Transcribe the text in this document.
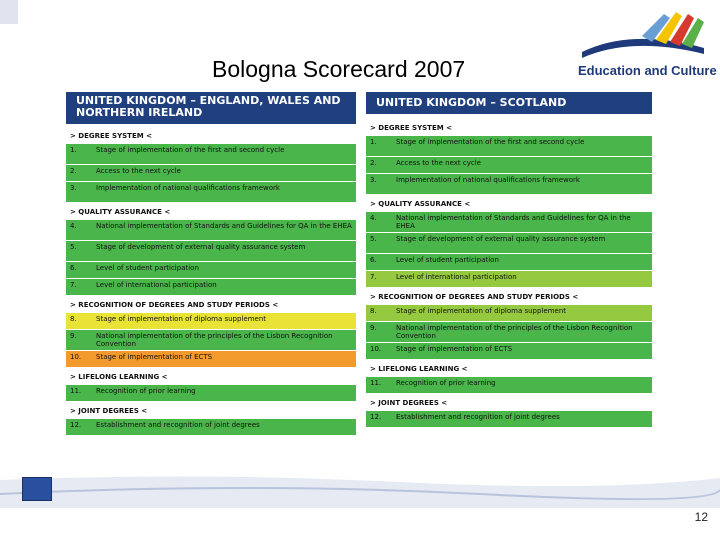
Bologna Scorecard 2007	Education and Culture
UNITED KINGDOM – ENGLAND, WALES AND NORTHERN IRELAND
> DEGREE SYSTEM <
1.	Stage of implementation of the first and second cycle
2.	Access to the next cycle
3.	Implementation of national qualifications framework
> QUALITY ASSURANCE <
4.	National implementation of Standards and Guidelines for QA in the EHEA
5.	Stage of development of external quality assurance system
6.	Level of student participation
7.	Level of international participation
> RECOGNITION OF DEGREES AND STUDY PERIODS <
8.	Stage of implementation of diploma supplement
9.	National implementation of the principles of the Lisbon Recognition Convention
10.	Stage of implementation of ECTS
> LIFELONG LEARNING <
11.	Recognition of prior learning
> JOINT DEGREES <
12.	Establishment and recognition of joint degrees
UNITED KINGDOM – SCOTLAND
> DEGREE SYSTEM <
1.	Stage of implementation of the first and second cycle
2.	Access to the next cycle
3.	Implementation of national qualifications framework
> QUALITY ASSURANCE <
4.	National implementation of Standards and Guidelines for QA in the EHEA
5.	Stage of development of external quality assurance system
6.	Level of student participation
7.	Level of international participation
> RECOGNITION OF DEGREES AND STUDY PERIODS <
8.	Stage of implementation of diploma supplement
9.	National implementation of the principles of the Lisbon Recognition Convention
10.	Stage of implementation of ECTS
> LIFELONG LEARNING <
11.	Recognition of prior learning
> JOINT DEGREES <
12.	Establishment and recognition of joint degrees
12
